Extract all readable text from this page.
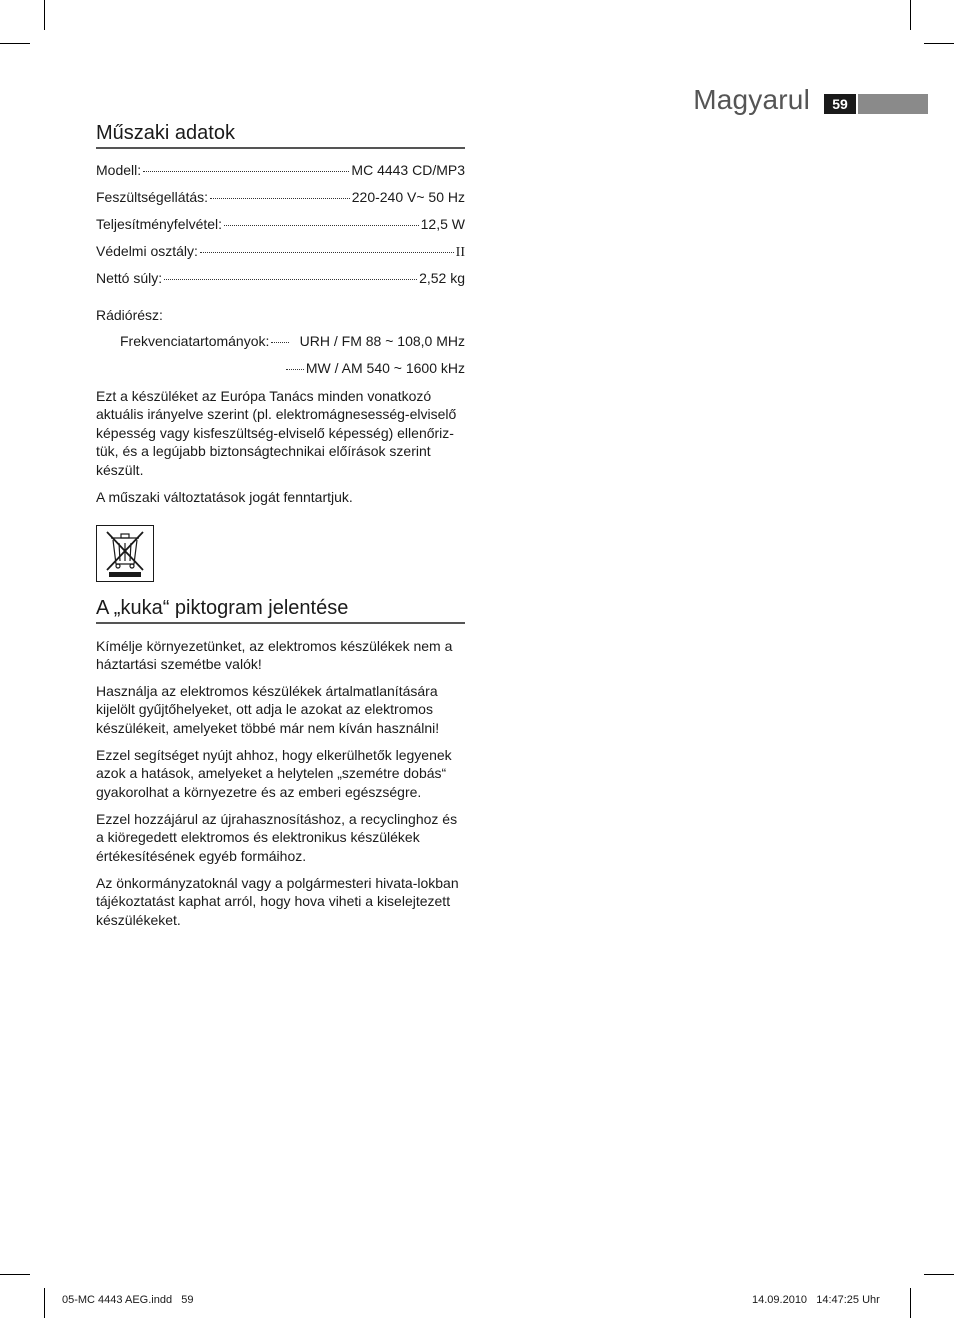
Magyarul	59
Műszaki adatok
Modell:	MC 4443 CD/MP3
Feszültségellátás:	220-240 V~ 50 Hz
Teljesítményfelvétel:	12,5 W
Védelmi osztály:	II
Nettó súly:	2,52 kg

Rádiórész:

Frekvenciatartományok: URH / FM 88 ~ 108,0 MHz
MW / AM 540 ~ 1600 kHz

Ezt a készüléket az Európa Tanács minden vonatkozó aktuális irányelve szerint (pl. elektromágnesesség-elviselő képesség vagy kisfeszültség-elviselő képesség) ellenőriz-tük, és a legújabb biztonságtechnikai előírások szerint készült.

A műszaki változtatások jogát fenntartjuk.

A „kuka“ piktogram jelentése

Kímélje környezetünket, az elektromos készülékek nem a háztartási szemétbe valók!

Használja az elektromos készülékek ártalmatlanítására kijelölt gyűjtőhelyeket, ott adja le azokat az elektromos készülékeit, amelyeket többé már nem kíván használni!

Ezzel segítséget nyújt ahhoz, hogy elkerülhetők legyenek azok a hatások, amelyeket a helytelen „szemétre dobás“ gyakorolhat a környezetre és az emberi egészségre.

Ezzel hozzájárul az újrahasznosításhoz, a recyclinghoz és a kiöregedett elektromos és elektronikus készülékek értékesítésének egyéb formáihoz.

Az önkormányzatoknál vagy a polgármesteri hivata-lokban tájékoztatást kaphat arról, hogy hova viheti a kiselejtezett készülékeket.

05-MC 4443 AEG.indd   59	14.09.2010   14:47:25 Uhr
